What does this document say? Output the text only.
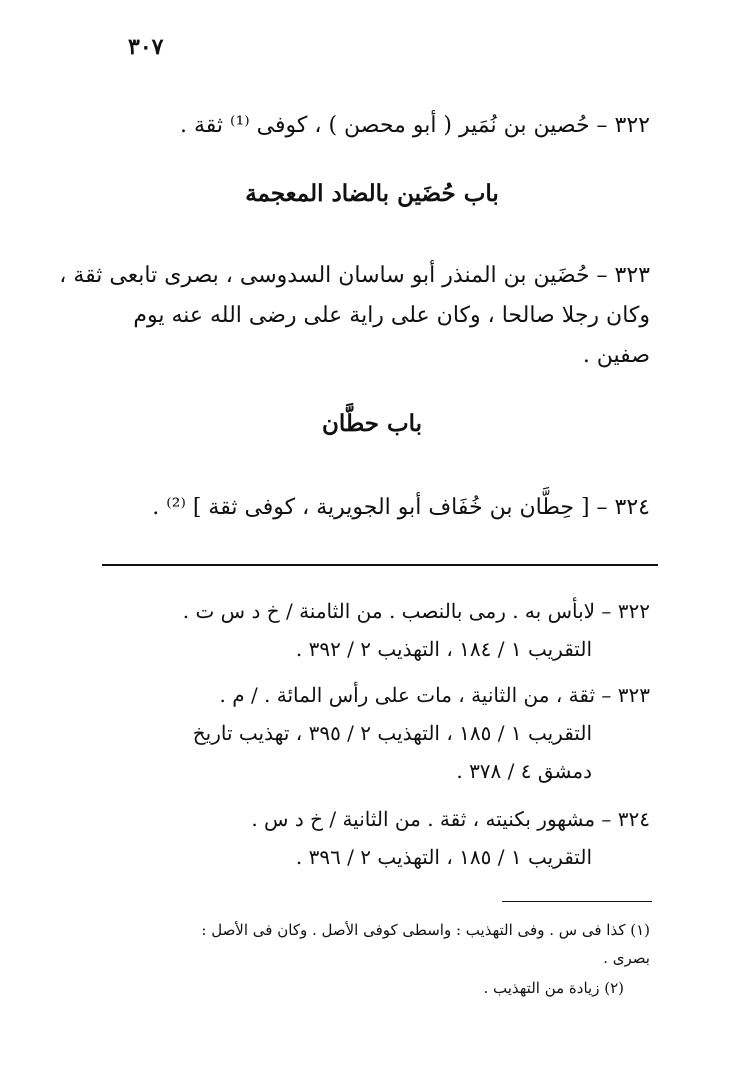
٣٠٧
٣٢٢ – حُصين بن نُمَير ( أبو محصن ) ، كوفى ⁽¹⁾ ثقة .
باب حُضَين بالضاد المعجمة
٣٢٣ – حُضَين بن المنذر أبو ساسان السدوسى ، بصرى تابعى ثقة ،
وكان رجلا صالحا ، وكان على راية على رضى الله عنه يوم
صفين .
باب حطَّان
٣٢٤ – [ حِطَّان بن خُفَاف أبو الجويرية ، كوفى ثقة ] ⁽²⁾ .
٣٢٢ – لابأس به . رمى بالنصب . من الثامنة / خ د س ت .
التقريب ١ / ١٨٤ ، التهذيب ٢ / ٣٩٢ .
٣٢٣ – ثقة ، من الثانية ، مات على رأس المائة . / م .
التقريب ١ / ١٨٥ ، التهذيب ٢ / ٣٩٥ ، تهذيب تاريخ
دمشق ٤ / ٣٧٨ .
٣٢٤ – مشهور بكنيته ، ثقة . من الثانية / خ د س .
التقريب ١ / ١٨٥ ، التهذيب ٢ / ٣٩٦ .
(١) كذا فى س . وفى التهذيب : واسطى كوفى الأصل . وكان فى الأصل :
بصرى .
(٢) زيادة من التهذيب .
